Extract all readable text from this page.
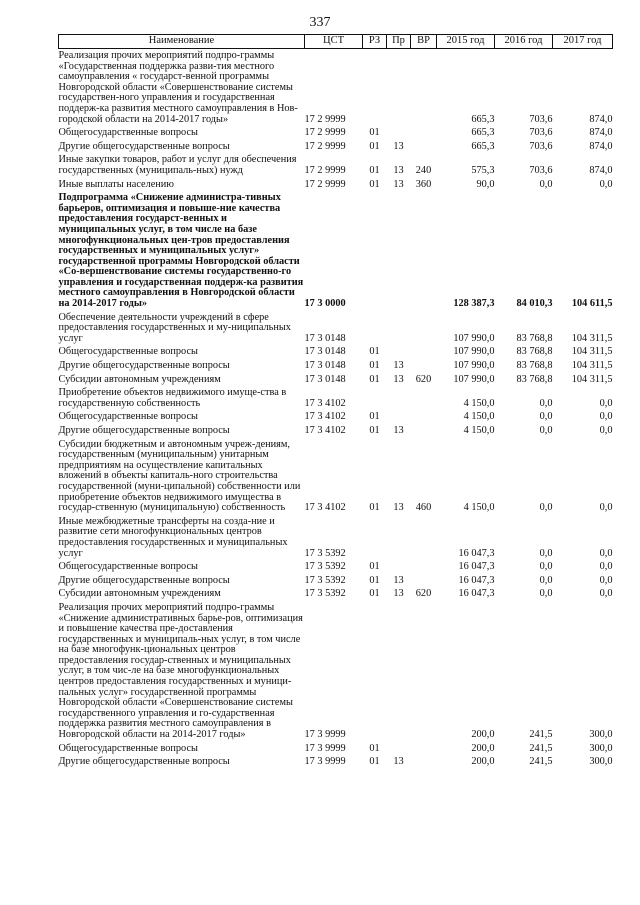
337
Наименование	ЦСТ	РЗ	Пр	ВР	2015 год	2016 год	2017 год
Реализация прочих мероприятий подпро-граммы «Государственная поддержка разви-тия местного самоуправления « государст-венной программы Новгородской области «Совершенствование системы государствен-ного управления и государственная поддерж-ка развития местного самоуправления в Нов-городской области на 2014-2017 годы»	17 2 9999				665,3	703,6	874,0
Общегосударственные вопросы	17 2 9999	01			665,3	703,6	874,0
Другие общегосударственные вопросы	17 2 9999	01	13		665,3	703,6	874,0
Иные закупки товаров, работ и услуг для обеспечения государственных (муниципаль-ных) нужд	17 2 9999	01	13	240	575,3	703,6	874,0
Иные выплаты населению	17 2 9999	01	13	360	90,0	0,0	0,0
Подпрограмма «Снижение администра-тивных барьеров, оптимизация и повыше-ние качества предоставления государст-венных и муниципальных услуг, в том числе на базе многофункциональных цен-тров предоставления государственных и муниципальных услуг» государственной программы Новгородской области «Со-вершенствование системы государственно-го управления и государственная поддерж-ка развития местного самоуправления в Новгородской области на 2014-2017 годы»	17 3 0000				128 387,3	84 010,3	104 611,5
Обеспечение деятельности учреждений в сфере предоставления государственных и му-ниципальных услуг	17 3 0148				107 990,0	83 768,8	104 311,5
Общегосударственные вопросы	17 3 0148	01			107 990,0	83 768,8	104 311,5
Другие общегосударственные вопросы	17 3 0148	01	13		107 990,0	83 768,8	104 311,5
Субсидии автономным учреждениям	17 3 0148	01	13	620	107 990,0	83 768,8	104 311,5
Приобретение объектов недвижимого имуще-ства в государственную собственность	17 3 4102				4 150,0	0,0	0,0
Общегосударственные вопросы	17 3 4102	01			4 150,0	0,0	0,0
Другие общегосударственные вопросы	17 3 4102	01	13		4 150,0	0,0	0,0
Субсидии бюджетным и автономным учреж-дениям, государственным (муниципальным) унитарным предприятиям на осуществление капитальных вложений в объекты капиталь-ного строительства государственной (муни-ципальной) собственности или приобретение объектов недвижимого имущества в государ-ственную (муниципальную) собственность	17 3 4102	01	13	460	4 150,0	0,0	0,0
Иные межбюджетные трансферты на созда-ние и развитие сети многофункциональных центров предоставления государственных и муниципальных услуг	17 3 5392				16 047,3	0,0	0,0
Общегосударственные вопросы	17 3 5392	01			16 047,3	0,0	0,0
Другие общегосударственные вопросы	17 3 5392	01	13		16 047,3	0,0	0,0
Субсидии автономным учреждениям	17 3 5392	01	13	620	16 047,3	0,0	0,0
Реализация прочих мероприятий подпро-граммы «Снижение административных барье-ров, оптимизация и повышение качества пре-доставления государственных и муниципаль-ных услуг, в том числе на базе многофунк-циональных центров предоставления государ-ственных и муниципальных услуг, в том чис-ле на базе многофункциональных центров предоставления государственных и муници-пальных услуг» государственной программы Новгородской области «Совершенствование системы государственного управления и го-сударственная поддержка развития местного самоуправления в Новгородской области на 2014-2017 годы»	17 3 9999				200,0	241,5	300,0
Общегосударственные вопросы	17 3 9999	01			200,0	241,5	300,0
Другие общегосударственные вопросы	17 3 9999	01	13		200,0	241,5	300,0
